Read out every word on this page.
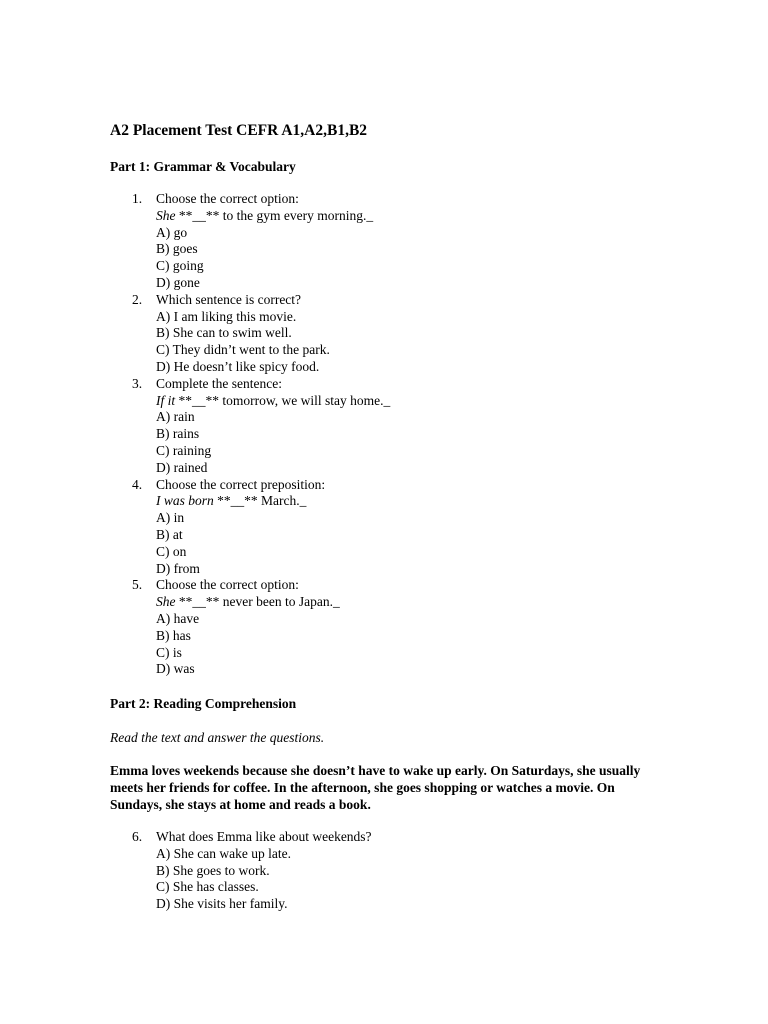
A2 Placement Test CEFR A1,A2,B1,B2
Part 1: Grammar & Vocabulary
1.	Choose the correct option:
She **__** to the gym every morning._
A) go
B) goes
C) going
D) gone
2.	Which sentence is correct?
A) I am liking this movie.
B) She can to swim well.
C) They didn’t went to the park.
D) He doesn’t like spicy food.
3.	Complete the sentence:
If it **__** tomorrow, we will stay home._
A) rain
B) rains
C) raining
D) rained
4.	Choose the correct preposition:
I was born **__** March._
A) in
B) at
C) on
D) from
5.	Choose the correct option:
She **__** never been to Japan._
A) have
B) has
C) is
D) was
Part 2: Reading Comprehension
Read the text and answer the questions.
Emma loves weekends because she doesn’t have to wake up early. On Saturdays, she usually meets her friends for coffee. In the afternoon, she goes shopping or watches a movie. On Sundays, she stays at home and reads a book.
6.	What does Emma like about weekends?
A) She can wake up late.
B) She goes to work.
C) She has classes.
D) She visits her family.
